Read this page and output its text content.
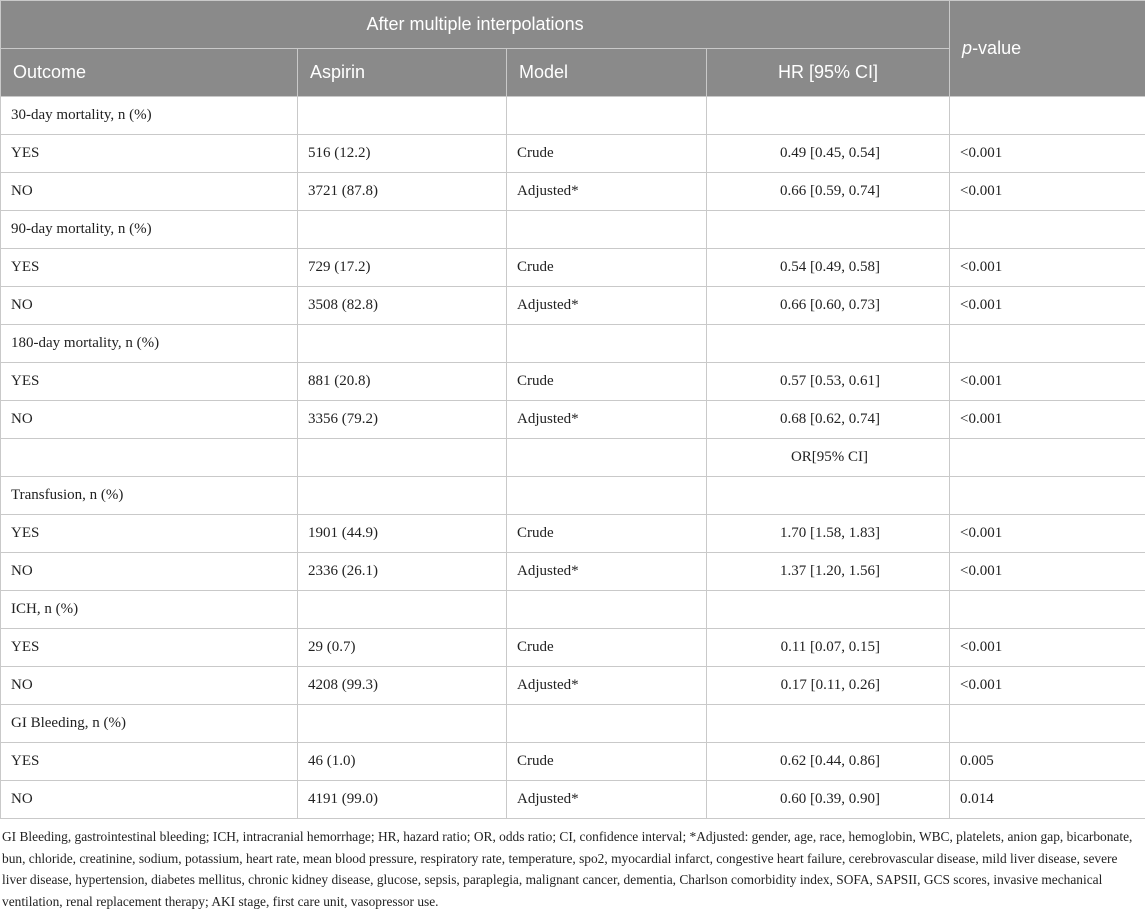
After multiple interpolations				p-value
Outcome	Aspirin	Model	HR [95% CI]	
30-day mortality, n (%)				
YES	516 (12.2)	Crude	0.49 [0.45, 0.54]	<0.001
NO	3721 (87.8)	Adjusted*	0.66 [0.59, 0.74]	<0.001
90-day mortality, n (%)				
YES	729 (17.2)	Crude	0.54 [0.49, 0.58]	<0.001
NO	3508 (82.8)	Adjusted*	0.66 [0.60, 0.73]	<0.001
180-day mortality, n (%)				
YES	881 (20.8)	Crude	0.57 [0.53, 0.61]	<0.001
NO	3356 (79.2)	Adjusted*	0.68 [0.62, 0.74]	<0.001
			OR[95% CI]	
Transfusion, n (%)				
YES	1901 (44.9)	Crude	1.70 [1.58, 1.83]	<0.001
NO	2336 (26.1)	Adjusted*	1.37 [1.20, 1.56]	<0.001
ICH, n (%)				
YES	29 (0.7)	Crude	0.11 [0.07, 0.15]	<0.001
NO	4208 (99.3)	Adjusted*	0.17 [0.11, 0.26]	<0.001
GI Bleeding, n (%)				
YES	46 (1.0)	Crude	0.62 [0.44, 0.86]	0.005
NO	4191 (99.0)	Adjusted*	0.60 [0.39, 0.90]	0.014
GI Bleeding, gastrointestinal bleeding; ICH, intracranial hemorrhage; HR, hazard ratio; OR, odds ratio; CI, confidence interval; *Adjusted: gender, age, race, hemoglobin, WBC, platelets, anion gap, bicarbonate, bun, chloride, creatinine, sodium, potassium, heart rate, mean blood pressure, respiratory rate, temperature, spo2, myocardial infarct, congestive heart failure, cerebrovascular disease, mild liver disease, severe liver disease, hypertension, diabetes mellitus, chronic kidney disease, glucose, sepsis, paraplegia, malignant cancer, dementia, Charlson comorbidity index, SOFA, SAPSII, GCS scores, invasive mechanical ventilation, renal replacement therapy; AKI stage, first care unit, vasopressor use.
